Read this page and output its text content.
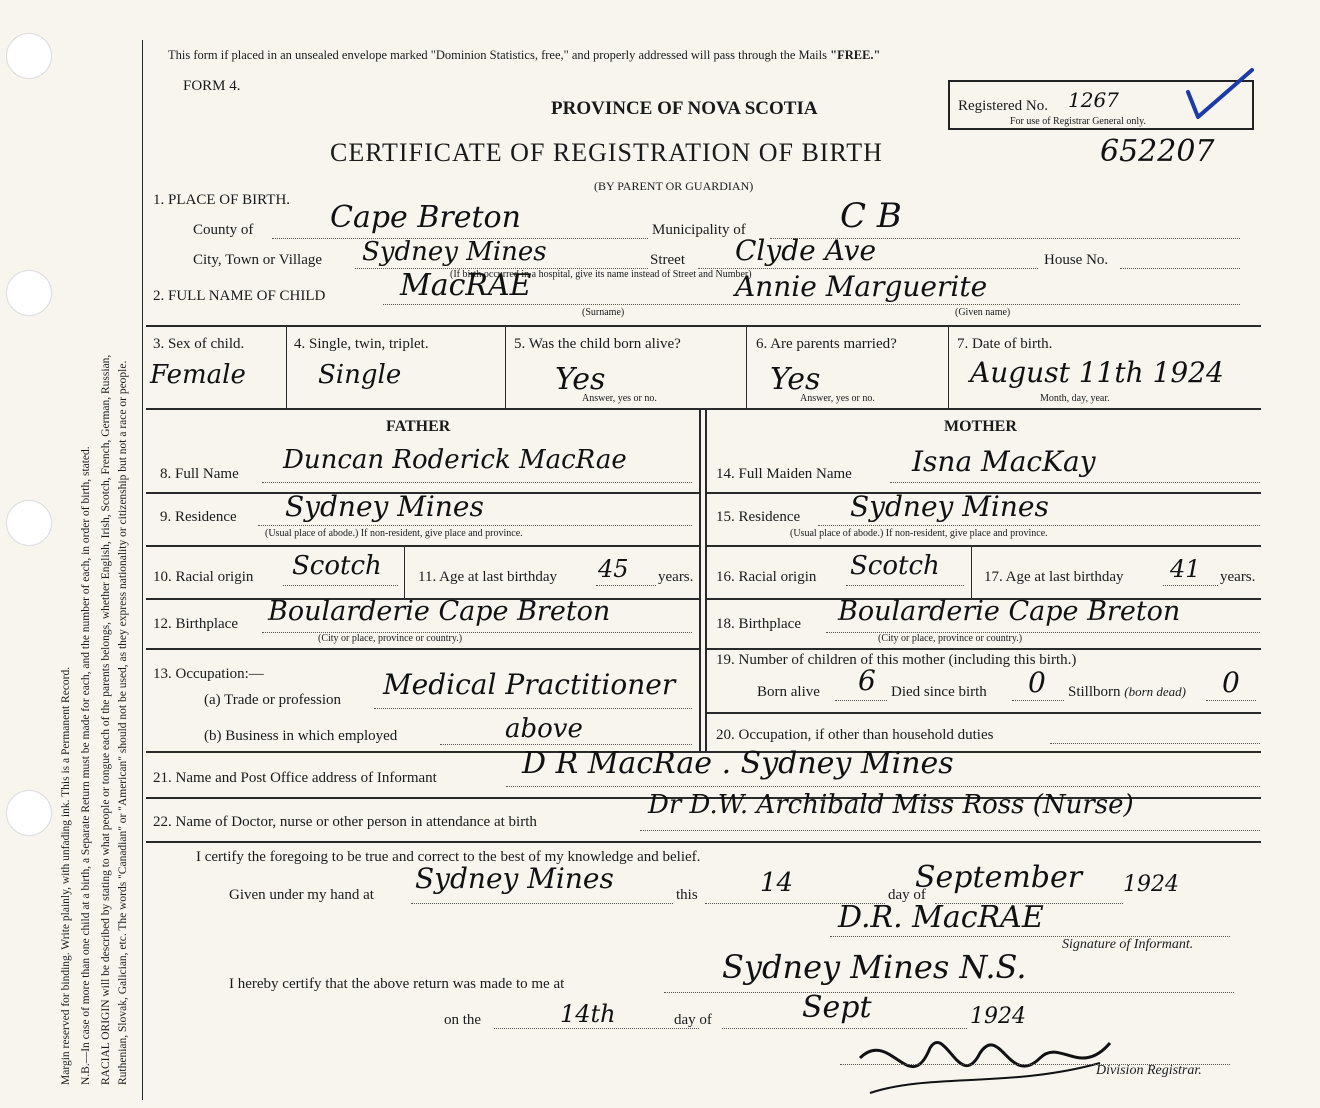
Margin reserved for binding. Write plainly, with unfading ink. This is a Permanent Record. N.B.—In case of more than one child at a birth, a Separate Return must be made for each, and the number of each, in order of birth, stated. RACIAL ORIGIN will be described by stating to what people or tongue each of the parents belongs, whether English, Irish, Scotch, French, German, Russian, Ruthenian, Slovak, Galician, etc. The words "Canadian" or "American" should not be used, as they express nationality or citizenship but not a race or people.
This form if placed in an unsealed envelope marked "Dominion Statistics, free," and properly addressed will pass through the Mails "FREE."
FORM 4.
PROVINCE OF NOVA SCOTIA	Registered No. 1267
For use of Registrar General only.
CERTIFICATE OF REGISTRATION OF BIRTH	652207
(BY PARENT OR GUARDIAN)
1. PLACE OF BIRTH.
County of	Cape Breton	Municipality of	C B
City, Town or Village Sydney Mines	Street Clyde Ave	House No.
(If birth occurred in a hospital, give its name instead of Street and Number)
2. FULL NAME OF CHILD MacRAE	Annie Marguerite
(Surname)	(Given name)
3. Sex of child.
Female
4. Single, twin, triplet.
Single
5. Was the child born alive?
Yes
Answer, yes or no.
6. Are parents married?
Yes
Answer, yes or no.
7. Date of birth.
August 11th 1924
Month, day, year.
FATHER	MOTHER
8. Full Name Duncan Roderick MacRae
9. Residence Sydney Mines
(Usual place of abode.) If non-resident, give place and province.
10. Racial origin Scotch 11. Age at last birthday 45 years.
12. Birthplace Boularderie Cape Breton
(City or place, province or country.)
13. Occupation:—
(a) Trade or profession Medical Practitioner
(b) Business in which employed	above
14. Full Maiden Name Isna MacKay
15. Residence Sydney Mines
(Usual place of abode.) If non-resident, give place and province.
16. Racial origin Scotch	17. Age at last birthday 41 years.
18. Birthplace Boularderie Cape Breton
(City or place, province or country.)
19. Number of children of this mother (including this birth.)
Born alive 6 Died since birth 0 Stillborn (born dead) 0
20. Occupation, if other than household duties
21. Name and Post Office address of Informant	D R MacRae . Sydney Mines
22. Name of Doctor, nurse or other person in attendance at birth
Dr D.W. Archibald Miss Ross (Nurse)
I certify the foregoing to be true and correct to the best of my knowledge and belief.
Given under my hand at Sydney Mines	this 14	day of
September 1924
D.R. MacRAE
Signature of Informant.
I hereby certify that the above return was made to me at	Sydney Mines N.S.
on the	14th	day of	Sept	1924
Division Registrar.
